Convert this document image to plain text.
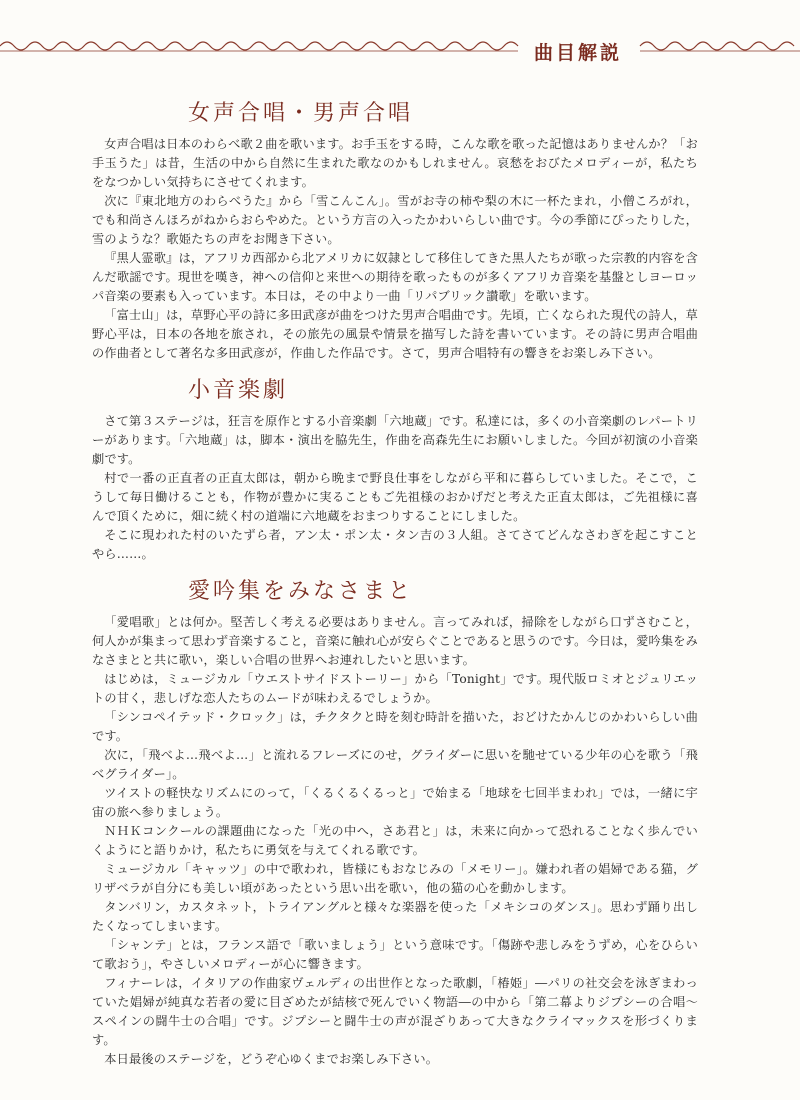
曲目解説
女声合唱・男声合唱

女声合唱は日本のわらべ歌２曲を歌います。お手玉をする時，こんな歌を歌った記憶はありませんか？「お手玉うた」は昔，生活の中から自然に生まれた歌なのかもしれません。哀愁をおびたメロディーが，私たちをなつかしい気持ちにさせてくれます。

次に『東北地方のわらべうた』から「雪こんこん」。雪がお寺の柿や梨の木に一杯たまれ，小僧ころがれ，でも和尚さんほろがねからおらやめた。という方言の入ったかわいらしい曲です。今の季節にぴったりした，雪のような？歌姫たちの声をお聞き下さい。

『黒人霊歌』は，アフリカ西部から北アメリカに奴隷として移住してきた黒人たちが歌った宗教的内容を含んだ歌謡です。現世を嘆き，神への信仰と来世への期待を歌ったものが多くアフリカ音楽を基盤としヨーロッパ音楽の要素も入っています。本日は，その中より一曲「リパブリック讃歌」を歌います。

「富士山」は，草野心平の詩に多田武彦が曲をつけた男声合唱曲です。先頃，亡くなられた現代の詩人，草野心平は，日本の各地を旅され，その旅先の風景や情景を描写した詩を書いています。その詩に男声合唱曲の作曲者として著名な多田武彦が，作曲した作品です。さて，男声合唱特有の響きをお楽しみ下さい。

小音楽劇

さて第３ステージは，狂言を原作とする小音楽劇「六地蔵」です。私達には，多くの小音楽劇のレパートリーがあります。「六地蔵」は，脚本・演出を脇先生，作曲を高森先生にお願いしました。今回が初演の小音楽劇です。

村で一番の正直者の正直太郎は，朝から晩まで野良仕事をしながら平和に暮らしていました。そこで，こうして毎日働けることも，作物が豊かに実ることもご先祖様のおかげだと考えた正直太郎は，ご先祖様に喜んで頂くために，畑に続く村の道端に六地蔵をおまつりすることにしました。

そこに現われた村のいたずら者，アン太・ポン太・タン吉の３人組。さてさてどんなさわぎを起こすことやら……。

愛吟集をみなさまと

「愛唱歌」とは何か。堅苦しく考える必要はありません。言ってみれば，掃除をしながら口ずさむこと，何人かが集まって思わず音楽すること，音楽に触れ心が安らぐことであると思うのです。今日は，愛吟集をみなさまとと共に歌い，楽しい合唱の世界へお連れしたいと思います。

はじめは，ミュージカル「ウエストサイドストーリー」から「Tonight」です。現代版ロミオとジュリエットの甘く，悲しげな恋人たちのムードが味わえるでしょうか。

「シンコペイテッド・クロック」は，チクタクと時を刻む時計を描いた，おどけたかんじのかわいらしい曲です。

次に，「飛べよ…飛べよ…」と流れるフレーズにのせ，グライダーに思いを馳せている少年の心を歌う「飛べグライダー」。

ツイストの軽快なリズムにのって，「くるくるくるっと」で始まる「地球を七回半まわれ」では，一緒に宇宙の旅へ参りましょう。

ＮＨＫコンクールの課題曲になった「光の中へ，さあ君と」は，未来に向かって恐れることなく歩んでいくようにと語りかけ，私たちに勇気を与えてくれる歌です。

ミュージカル「キャッツ」の中で歌われ，皆様にもおなじみの「メモリー」。嫌われ者の娼婦である猫，グリザベラが自分にも美しい頃があったという思い出を歌い，他の猫の心を動かします。

タンバリン，カスタネット，トライアングルと様々な楽器を使った「メキシコのダンス」。思わず踊り出したくなってしまいます。

「シャンテ」とは，フランス語で「歌いましょう」という意味です。「傷跡や悲しみをうずめ，心をひらいて歌おう」，やさしいメロディーが心に響きます。

フィナーレは，イタリアの作曲家ヴェルディの出世作となった歌劇，「椿姫」―パリの社交会を泳ぎまわっていた娼婦が純真な若者の愛に目ざめたが結核で死んでいく物語―の中から「第二幕よりジプシーの合唱〜スペインの闘牛士の合唱」です。ジプシーと闘牛士の声が混ざりあって大きなクライマックスを形づくります。

本日最後のステージを，どうぞ心ゆくまでお楽しみ下さい。
